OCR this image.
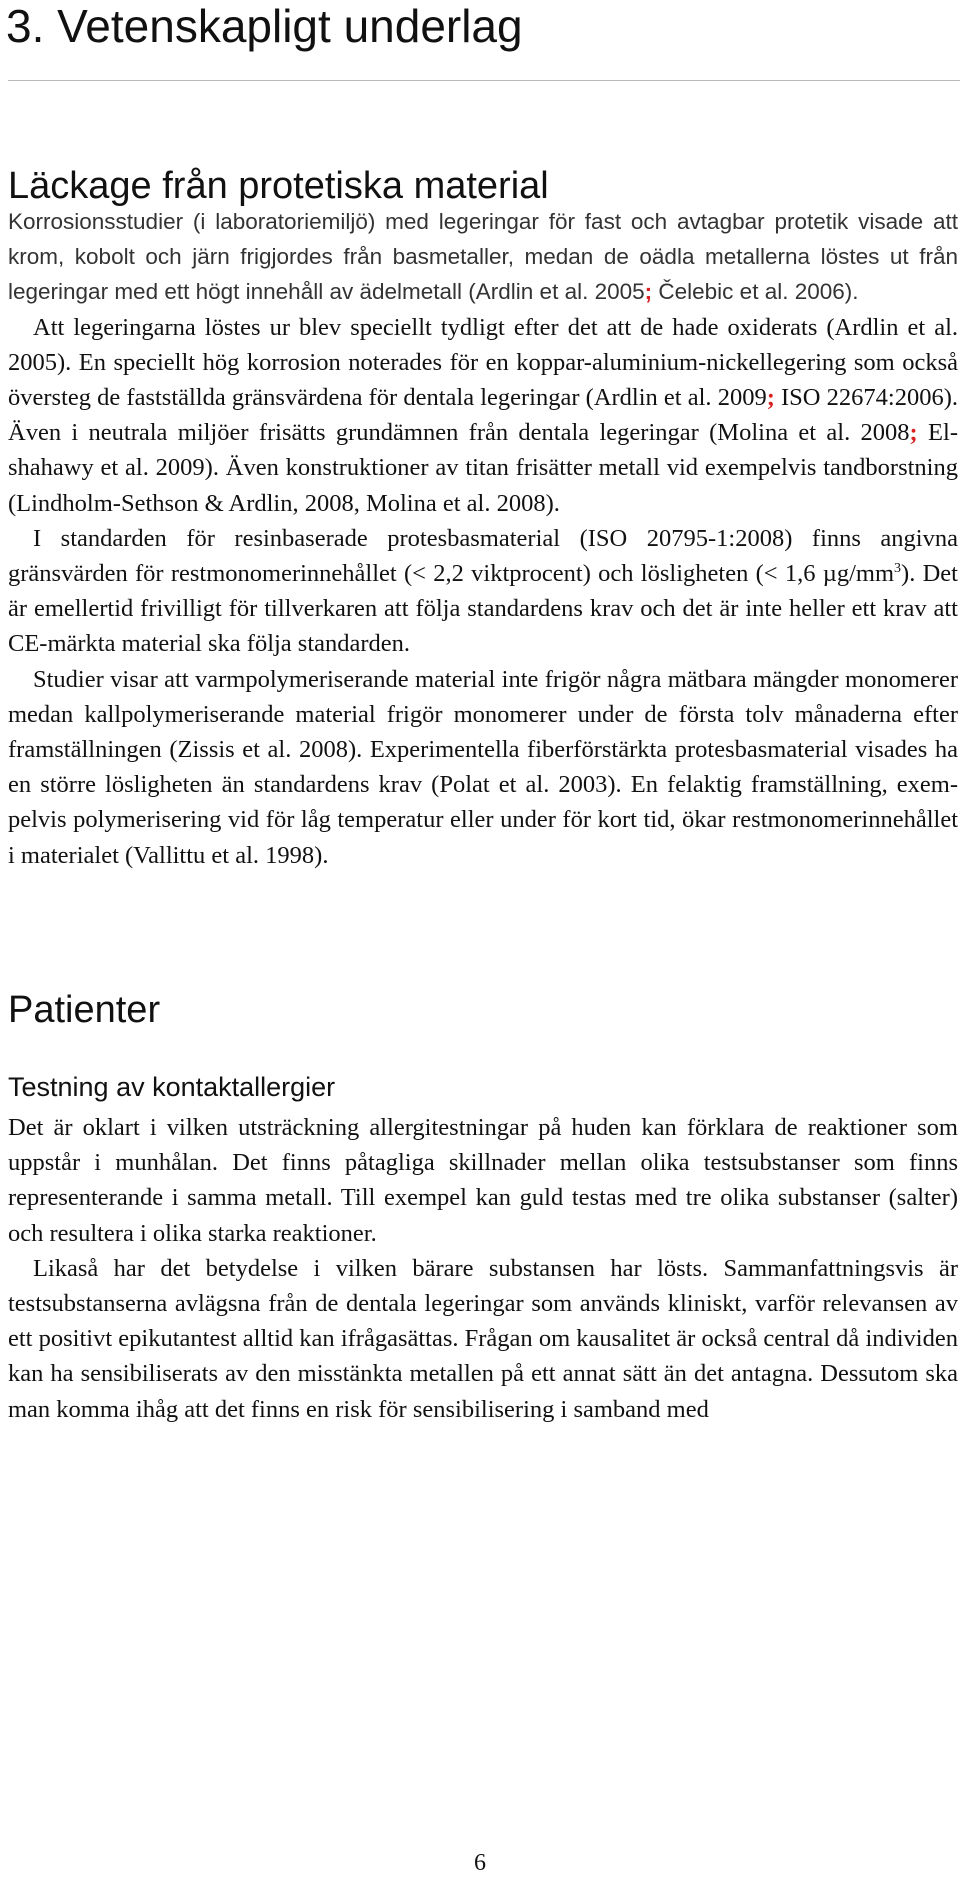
3. Vetenskapligt underlag
Läckage från protetiska material

Korrosionsstudier (i laboratoriemiljö) med legeringar för fast och avtagbar protetik visade att krom, kobolt och järn frigjordes från basmetaller, medan de oädla metallerna löstes ut från legeringar med ett högt innehåll av ädelmetall (Ardlin et al. 2005; Čelebic et al. 2006).

Att legeringarna löstes ur blev speciellt tydligt efter det att de hade oxiderats (Ardlin et al. 2005). En speciellt hög korrosion noterades för en koppar-aluminium-nickellegering som också översteg de fastställda gränsvärdena för dentala legeringar (Ardlin et al. 2009; ISO 22674:2006). Även i neutrala miljöer frisätts grundämnen från dentala legeringar (Molina et al. 2008; Elshahawy et al. 2009). Även konstruktioner av titan frisätter metall vid exempelvis tandborstning (Lindholm-Sethson & Ardlin, 2008, Molina et al. 2008).

I standarden för resinbaserade protesbasmaterial (ISO 20795-1:2008) finns angivna gränsvärden för restmonomerinnehållet (< 2,2 viktprocent) och lösligheten (< 1,6 $\mu g/mm^3$). Det är emellertid frivilligt för tillverkaren att följa standardens krav och det är inte heller ett krav att CE-märkta material ska följa standarden.

Studier visar att varmpolymeriserande material inte frigör några mätbara mängder monomerer medan kallpolymeriserande material frigör monomerer under de första tolv månaderna efter framställningen (Zissis et al. 2008). Experimentella fiberförstärkta protesbasmaterial visades ha en större lösligheten än standardens krav (Polat et al. 2003). En felaktig framställning, exempelvis polymerisering vid för låg temperatur eller under för kort tid, ökar restmonomerinnehållet i materialet (Vallittu et al. 1998).

Patienter
Testning av kontaktallergier

Det är oklart i vilken utsträckning allergitestningar på huden kan förklara de reaktioner som uppstår i munhålan. Det finns påtagliga skillnader mellan olika testsubstanser som finns representerande i samma metall. Till exempel kan guld testas med tre olika substanser (salter) och resultera i olika starka reaktioner.

Likaså har det betydelse i vilken bärare substansen har lösts. Sammanfattningsvis är testsubstanserna avlägsna från de dentala legeringar som används kliniskt, varför relevansen av ett positivt epikutantest alltid kan ifrågasättas. Frågan om kausalitet är också central då individen kan ha sensibiliserats av den misstänkta metallen på ett annat sätt än det antagna. Dessutom ska man komma ihåg att det finns en risk för sensibilisering i samband med

6
